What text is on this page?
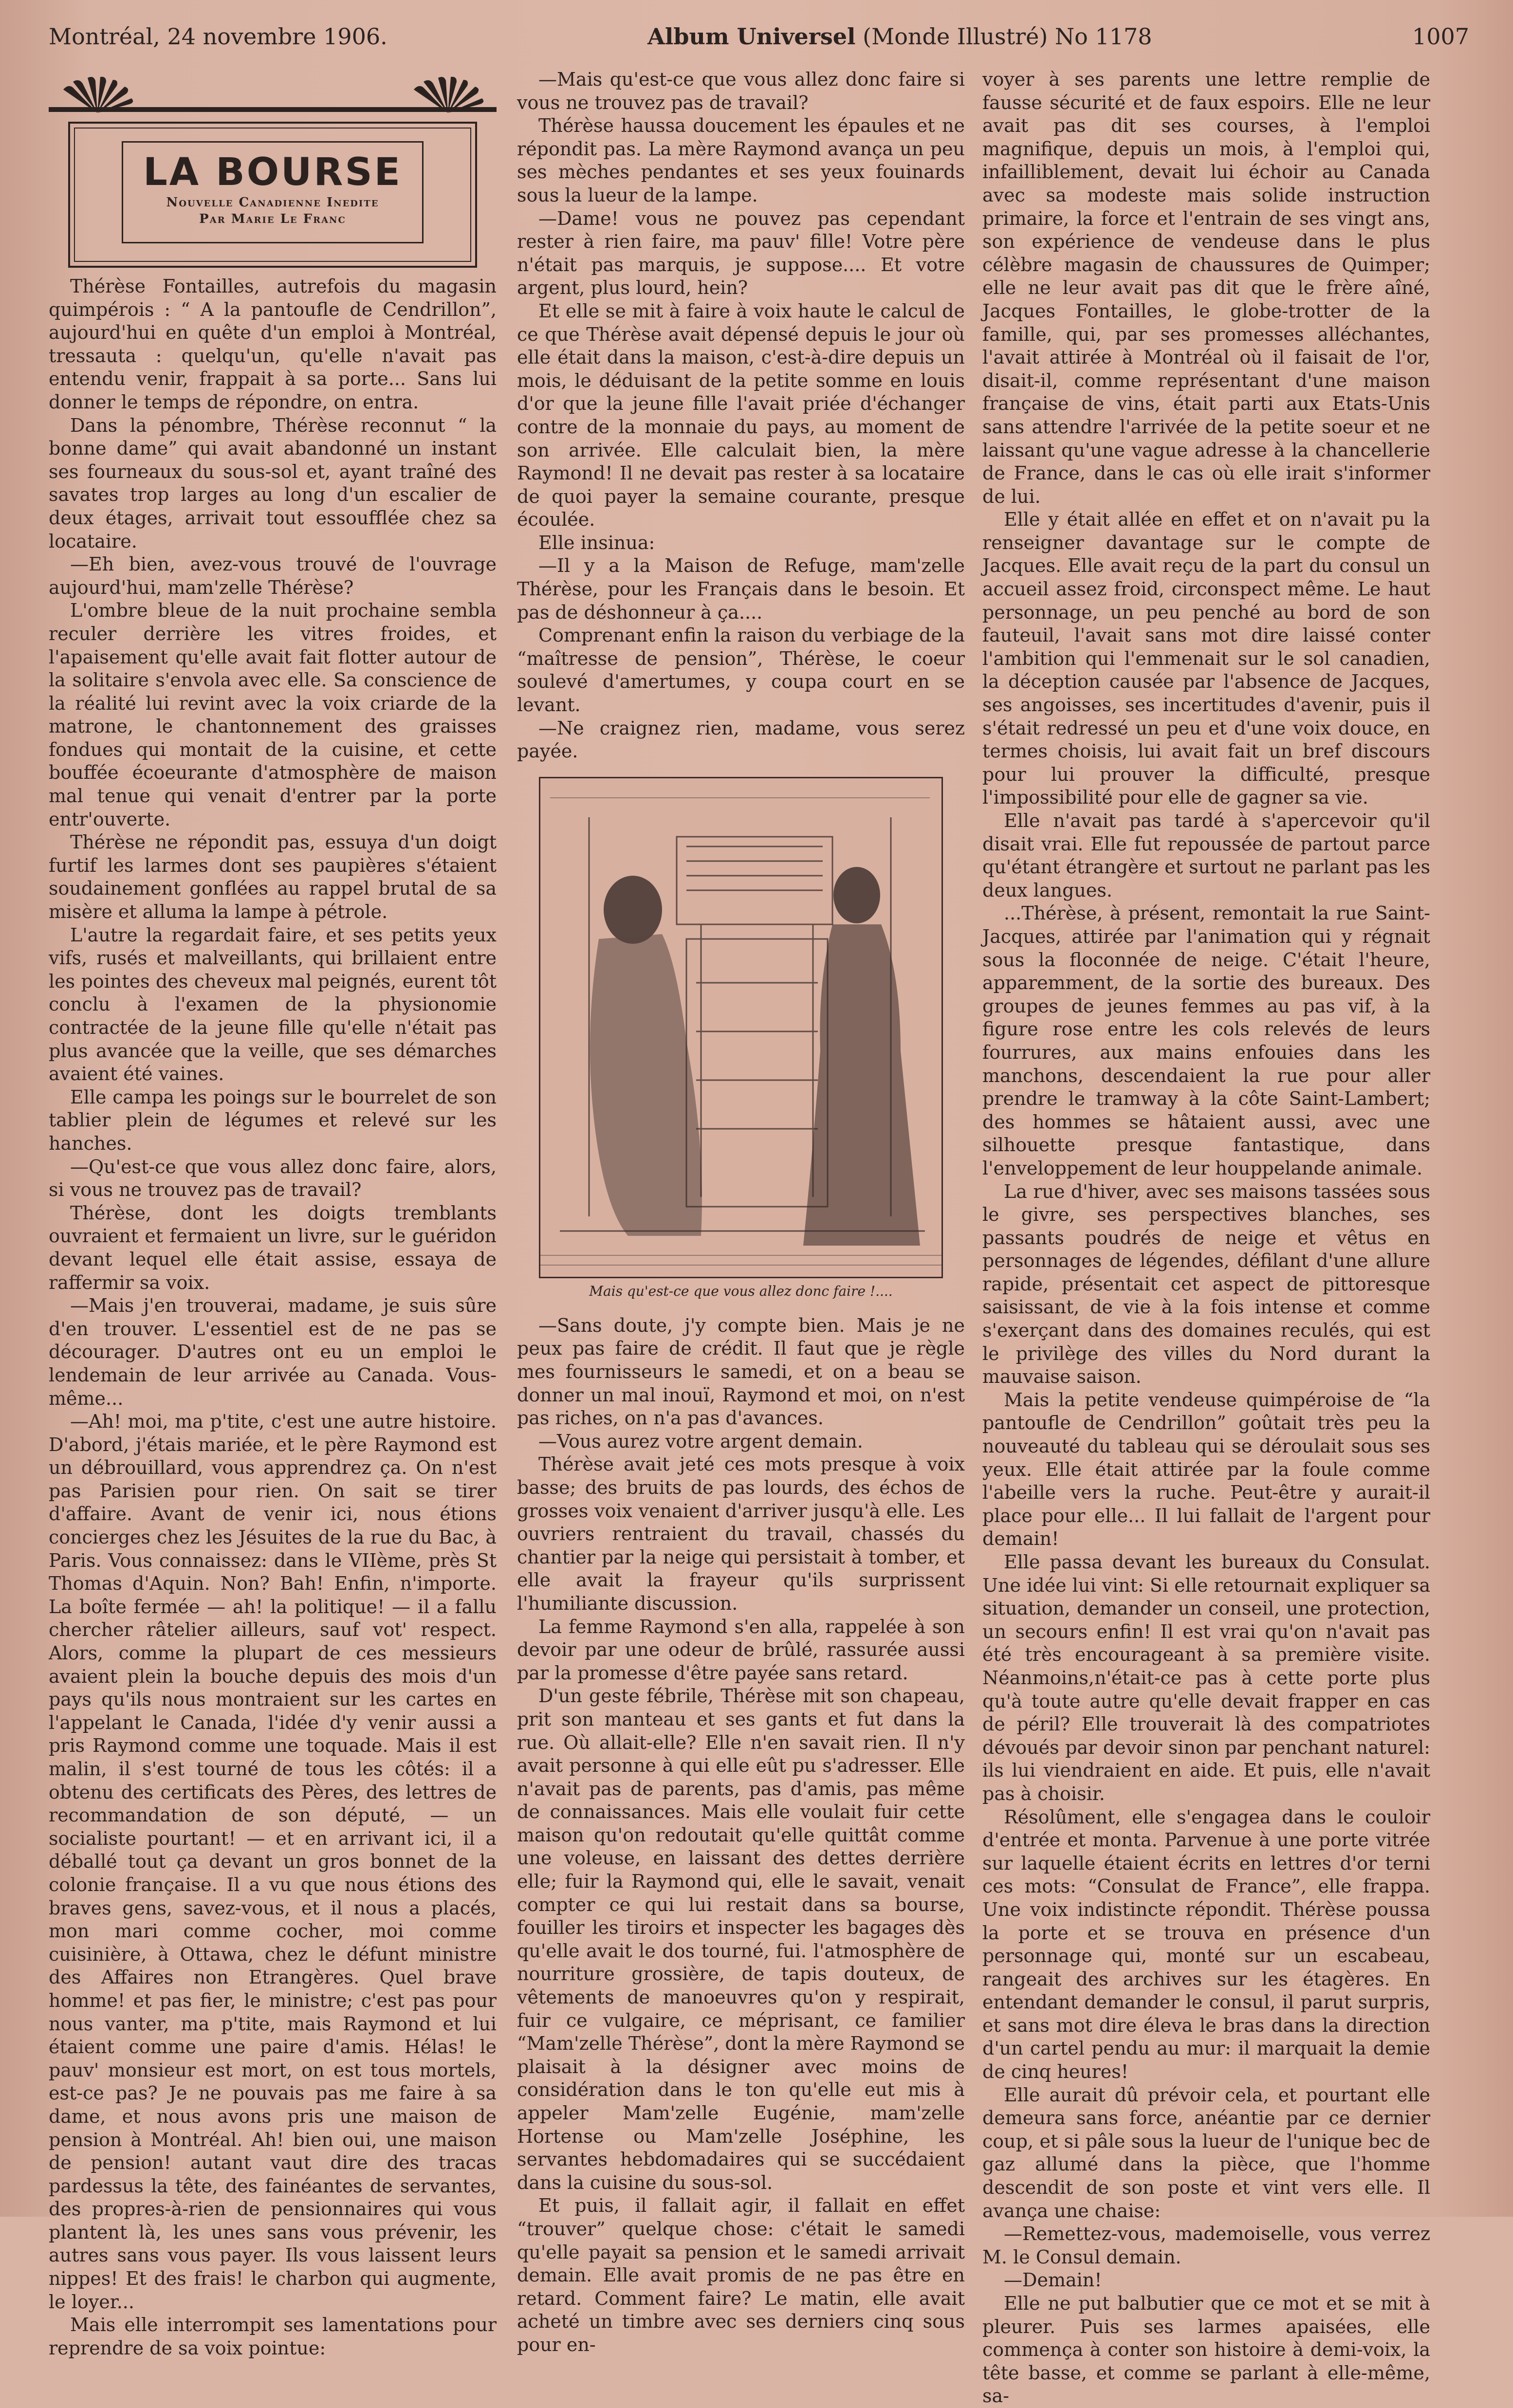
Montréal, 24 novembre 1906.	Album Universel (Monde Illustré) No 1178	1007
LA BOURSE
Nouvelle Canadienne Inedite
Par Marie Le Franc

Thérèse Fontailles, autrefois du magasin quimpérois : “ A la pantoufle de Cendrillon”, aujourd'hui en quête d'un emploi à Montréal, tressauta : quelqu'un, qu'elle n'avait pas entendu venir, frappait à sa porte... Sans lui donner le temps de répondre, on entra.

Dans la pénombre, Thérèse reconnut “ la bonne dame” qui avait abandonné un instant ses fourneaux du sous-sol et, ayant traîné des savates trop larges au long d'un escalier de deux étages, arrivait tout essoufflée chez sa locataire.

—Eh bien, avez-vous trouvé de l'ouvrage aujourd'hui, mam'zelle Thérèse?

L'ombre bleue de la nuit prochaine sembla reculer derrière les vitres froides, et l'apaisement qu'elle avait fait flotter autour de la solitaire s'envola avec elle. Sa conscience de la réalité lui revint avec la voix criarde de la matrone, le chantonnement des graisses fondues qui montait de la cuisine, et cette bouffée écoeurante d'atmosphère de maison mal tenue qui venait d'entrer par la porte entr'ouverte.

Thérèse ne répondit pas, essuya d'un doigt furtif les larmes dont ses paupières s'étaient soudainement gonflées au rappel brutal de sa misère et alluma la lampe à pétrole.

L'autre la regardait faire, et ses petits yeux vifs, rusés et malveillants, qui brillaient entre les pointes des cheveux mal peignés, eurent tôt conclu à l'examen de la physionomie contractée de la jeune fille qu'elle n'était pas plus avancée que la veille, que ses démarches avaient été vaines.

Elle campa les poings sur le bourrelet de son tablier plein de légumes et relevé sur les hanches.

—Qu'est-ce que vous allez donc faire, alors, si vous ne trouvez pas de travail?

Thérèse, dont les doigts tremblants ouvraient et fermaient un livre, sur le guéridon devant lequel elle était assise, essaya de raffermir sa voix.

—Mais j'en trouverai, madame, je suis sûre d'en trouver. L'essentiel est de ne pas se décourager. D'autres ont eu un emploi le lendemain de leur arrivée au Canada. Vous-même...

—Ah! moi, ma p'tite, c'est une autre histoire. D'abord, j'étais mariée, et le père Raymond est un débrouillard, vous apprendrez ça. On n'est pas Parisien pour rien. On sait se tirer d'affaire. Avant de venir ici, nous étions concierges chez les Jésuites de la rue du Bac, à Paris. Vous connaissez: dans le VIIème, près St Thomas d'Aquin. Non? Bah! Enfin, n'importe. La boîte fermée — ah! la politique! — il a fallu chercher râtelier ailleurs, sauf vot' respect. Alors, comme la plupart de ces messieurs avaient plein la bouche depuis des mois d'un pays qu'ils nous montraient sur les cartes en l'appelant le Canada, l'idée d'y venir aussi a pris Raymond comme une toquade. Mais il est malin, il s'est tourné de tous les côtés: il a obtenu des certificats des Pères, des lettres de recommandation de son député, — un socialiste pourtant! — et en arrivant ici, il a déballé tout ça devant un gros bonnet de la colonie française. Il a vu que nous étions des braves gens, savez-vous, et il nous a placés, mon mari comme cocher, moi comme cuisinière, à Ottawa, chez le défunt ministre des Affaires non Etrangères. Quel brave homme! et pas fier, le ministre; c'est pas pour nous vanter, ma p'tite, mais Raymond et lui étaient comme une paire d'amis. Hélas! le pauv' monsieur est mort, on est tous mortels, est-ce pas? Je ne pouvais pas me faire à sa dame, et nous avons pris une maison de pension à Montréal. Ah! bien oui, une maison de pension! autant vaut dire des tracas pardessus la tête, des fainéantes de servantes, des propres-à-rien de pensionnaires qui vous plantent là, les unes sans vous prévenir, les autres sans vous payer. Ils vous laissent leurs nippes! Et des frais! le charbon qui augmente, le loyer...

Mais elle interrompit ses lamentations pour reprendre de sa voix pointue:

—Mais qu'est-ce que vous allez donc faire si vous ne trouvez pas de travail?

Thérèse haussa doucement les épaules et ne répondit pas. La mère Raymond avança un peu ses mèches pendantes et ses yeux fouinards sous la lueur de la lampe.

—Dame! vous ne pouvez pas cependant rester à rien faire, ma pauv' fille! Votre père n'était pas marquis, je suppose.... Et votre argent, plus lourd, hein?

Et elle se mit à faire à voix haute le calcul de ce que Thérèse avait dépensé depuis le jour où elle était dans la maison, c'est-à-dire depuis un mois, le déduisant de la petite somme en louis d'or que la jeune fille l'avait priée d'échanger contre de la monnaie du pays, au moment de son arrivée. Elle calculait bien, la mère Raymond! Il ne devait pas rester à sa locataire de quoi payer la semaine courante, presque écoulée.

Elle insinua:

—Il y a la Maison de Refuge, mam'zelle Thérèse, pour les Français dans le besoin. Et pas de déshonneur à ça....

Comprenant enfin la raison du verbiage de la “maîtresse de pension”, Thérèse, le coeur soulevé d'amertumes, y coupa court en se levant.

—Ne craignez rien, madame, vous serez payée.

Mais qu'est-ce que vous allez donc faire !....

—Sans doute, j'y compte bien. Mais je ne peux pas faire de crédit. Il faut que je règle mes fournisseurs le samedi, et on a beau se donner un mal inouï, Raymond et moi, on n'est pas riches, on n'a pas d'avances.

—Vous aurez votre argent demain.

Thérèse avait jeté ces mots presque à voix basse; des bruits de pas lourds, des échos de grosses voix venaient d'arriver jusqu'à elle. Les ouvriers rentraient du travail, chassés du chantier par la neige qui persistait à tomber, et elle avait la frayeur qu'ils surprissent l'humiliante discussion.

La femme Raymond s'en alla, rappelée à son devoir par une odeur de brûlé, rassurée aussi par la promesse d'être payée sans retard.

D'un geste fébrile, Thérèse mit son chapeau, prit son manteau et ses gants et fut dans la rue. Où allait-elle? Elle n'en savait rien. Il n'y avait personne à qui elle eût pu s'adresser. Elle n'avait pas de parents, pas d'amis, pas même de connaissances. Mais elle voulait fuir cette maison qu'on redoutait qu'elle quittât comme une voleuse, en laissant des dettes derrière elle; fuir la Raymond qui, elle le savait, venait compter ce qui lui restait dans sa bourse, fouiller les tiroirs et inspecter les bagages dès qu'elle avait le dos tourné, fui. l'atmosphère de nourriture grossière, de tapis douteux, de vêtements de manoeuvres qu'on y respirait, fuir ce vulgaire, ce méprisant, ce familier “Mam'zelle Thérèse”, dont la mère Raymond se plaisait à la désigner avec moins de considération dans le ton qu'elle eut mis à appeler Mam'zelle Eugénie, mam'zelle Hortense ou Mam'zelle Joséphine, les servantes hebdomadaires qui se succédaient dans la cuisine du sous-sol.

Et puis, il fallait agir, il fallait en effet “trouver” quelque chose: c'était le samedi qu'elle payait sa pension et le samedi arrivait demain. Elle avait promis de ne pas être en retard. Comment faire? Le matin, elle avait acheté un timbre avec ses derniers cinq sous pour en-

voyer à ses parents une lettre remplie de fausse sécurité et de faux espoirs. Elle ne leur avait pas dit ses courses, à l'emploi magnifique, depuis un mois, à l'emploi qui, infailliblement, devait lui échoir au Canada avec sa modeste mais solide instruction primaire, la force et l'entrain de ses vingt ans, son expérience de vendeuse dans le plus célèbre magasin de chaussures de Quimper; elle ne leur avait pas dit que le frère aîné, Jacques Fontailles, le globe-trotter de la famille, qui, par ses promesses alléchantes, l'avait attirée à Montréal où il faisait de l'or, disait-il, comme représentant d'une maison française de vins, était parti aux Etats-Unis sans attendre l'arrivée de la petite soeur et ne laissant qu'une vague adresse à la chancellerie de France, dans le cas où elle irait s'informer de lui.

Elle y était allée en effet et on n'avait pu la renseigner davantage sur le compte de Jacques. Elle avait reçu de la part du consul un accueil assez froid, circonspect même. Le haut personnage, un peu penché au bord de son fauteuil, l'avait sans mot dire laissé conter l'ambition qui l'emmenait sur le sol canadien, la déception causée par l'absence de Jacques, ses angoisses, ses incertitudes d'avenir, puis il s'était redressé un peu et d'une voix douce, en termes choisis, lui avait fait un bref discours pour lui prouver la difficulté, presque l'impossibilité pour elle de gagner sa vie.

Elle n'avait pas tardé à s'apercevoir qu'il disait vrai. Elle fut repoussée de partout parce qu'étant étrangère et surtout ne parlant pas les deux langues.

...Thérèse, à présent, remontait la rue Saint-Jacques, attirée par l'animation qui y régnait sous la floconnée de neige. C'était l'heure, apparemment, de la sortie des bureaux. Des groupes de jeunes femmes au pas vif, à la figure rose entre les cols relevés de leurs fourrures, aux mains enfouies dans les manchons, descendaient la rue pour aller prendre le tramway à la côte Saint-Lambert; des hommes se hâtaient aussi, avec une silhouette presque fantastique, dans l'enveloppement de leur houppelande animale.

La rue d'hiver, avec ses maisons tassées sous le givre, ses perspectives blanches, ses passants poudrés de neige et vêtus en personnages de légendes, défilant d'une allure rapide, présentait cet aspect de pittoresque saisissant, de vie à la fois intense et comme s'exerçant dans des domaines reculés, qui est le privilège des villes du Nord durant la mauvaise saison.

Mais la petite vendeuse quimpéroise de “la pantoufle de Cendrillon” goûtait très peu la nouveauté du tableau qui se déroulait sous ses yeux. Elle était attirée par la foule comme l'abeille vers la ruche. Peut-être y aurait-il place pour elle... Il lui fallait de l'argent pour demain!

Elle passa devant les bureaux du Consulat. Une idée lui vint: Si elle retournait expliquer sa situation, demander un conseil, une protection, un secours enfin! Il est vrai qu'on n'avait pas été très encourageant à sa première visite. Néanmoins,n'était-ce pas à cette porte plus qu'à toute autre qu'elle devait frapper en cas de péril? Elle trouverait là des compatriotes dévoués par devoir sinon par penchant naturel: ils lui viendraient en aide. Et puis, elle n'avait pas à choisir.

Résolûment, elle s'engagea dans le couloir d'entrée et monta. Parvenue à une porte vitrée sur laquelle étaient écrits en lettres d'or terni ces mots: “Consulat de France”, elle frappa. Une voix indistincte répondit. Thérèse poussa la porte et se trouva en présence d'un personnage qui, monté sur un escabeau, rangeait des archives sur les étagères. En entendant demander le consul, il parut surpris, et sans mot dire éleva le bras dans la direction d'un cartel pendu au mur: il marquait la demie de cinq heures!

Elle aurait dû prévoir cela, et pourtant elle demeura sans force, anéantie par ce dernier coup, et si pâle sous la lueur de l'unique bec de gaz allumé dans la pièce, que l'homme descendit de son poste et vint vers elle. Il avança une chaise:

—Remettez-vous, mademoiselle, vous verrez M. le Consul demain.

—Demain!

Elle ne put balbutier que ce mot et se mit à pleurer. Puis ses larmes apaisées, elle commença à conter son histoire à demi-voix, la tête basse, et comme se parlant à elle-même, sa-
